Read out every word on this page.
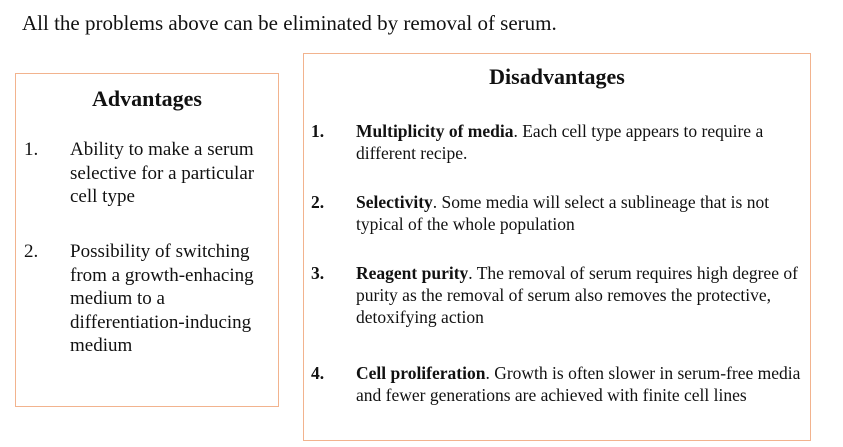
All the problems above can be eliminated by removal of serum.
Advantages
1. Ability to make a serum selective for a particular cell type
2. Possibility of switching from a growth-enhacing medium to a differentiation-inducing medium
Disadvantages
1. Multiplicity of media. Each cell type appears to require a different recipe.
2. Selectivity. Some media will select a sublineage that is not typical of the whole population
3. Reagent purity. The removal of serum requires high degree of purity as the removal of serum also removes the protective, detoxifying action
4. Cell proliferation. Growth is often slower in serum-free media and fewer generations are achieved with finite cell lines
